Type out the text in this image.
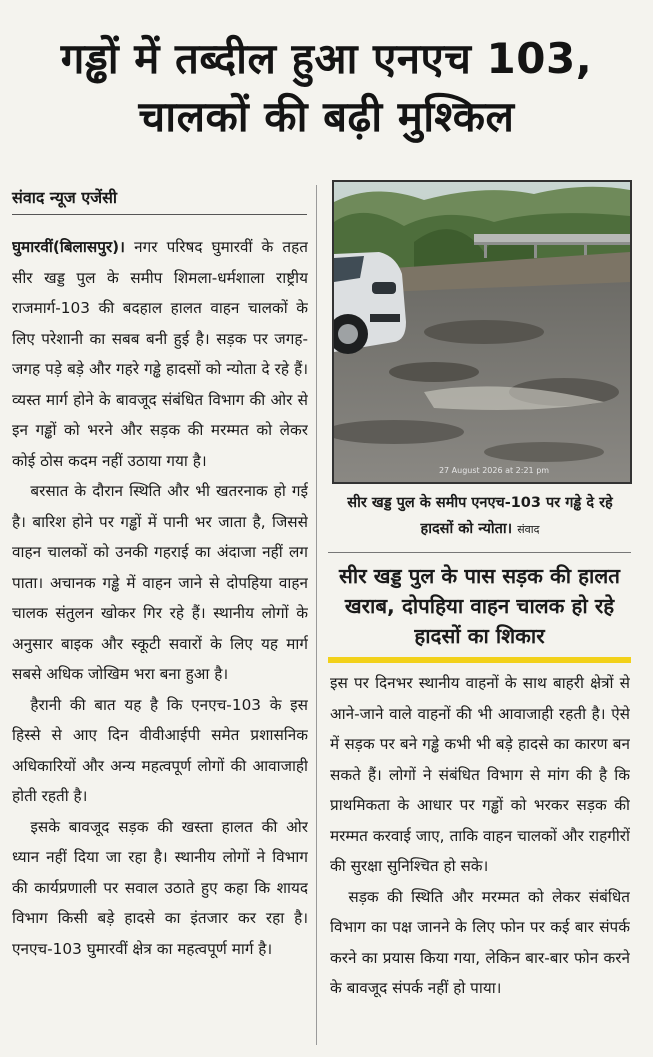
गड्ढों में तब्दील हुआ एनएच 103, चालकों की बढ़ी मुश्किल
संवाद न्यूज एजेंसी

घुमारवीं(बिलासपुर)। नगर परिषद घुमारवीं के तहत सीर खड्ड पुल के समीप शिमला-धर्मशाला राष्ट्रीय राजमार्ग-103 की बदहाल हालत वाहन चालकों के लिए परेशानी का सबब बनी हुई है। सड़क पर जगह-जगह पड़े बड़े और गहरे गड्ढे हादसों को न्योता दे रहे हैं। व्यस्त मार्ग होने के बावजूद संबंधित विभाग की ओर से इन गड्ढों को भरने और सड़क की मरम्मत को लेकर कोई ठोस कदम नहीं उठाया गया है।

बरसात के दौरान स्थिति और भी खतरनाक हो गई है। बारिश होने पर गड्ढों में पानी भर जाता है, जिससे वाहन चालकों को उनकी गहराई का अंदाजा नहीं लग पाता। अचानक गड्ढे में वाहन जाने से दोपहिया वाहन चालक संतुलन खोकर गिर रहे हैं। स्थानीय लोगों के अनुसार बाइक और स्कूटी सवारों के लिए यह मार्ग सबसे अधिक जोखिम भरा बना हुआ है।

हैरानी की बात यह है कि एनएच-103 के इस हिस्से से आए दिन वीवीआईपी समेत प्रशासनिक अधिकारियों और अन्य महत्वपूर्ण लोगों की आवाजाही होती रहती है।

इसके बावजूद सड़क की खस्ता हालत की ओर ध्यान नहीं दिया जा रहा है। स्थानीय लोगों ने विभाग की कार्यप्रणाली पर सवाल उठाते हुए कहा कि शायद विभाग किसी बड़े हादसे का इंतजार कर रहा है। एनएच-103 घुमारवीं क्षेत्र का महत्वपूर्ण मार्ग है।

27 August 2026 at 2:21 pm
सीर खड्ड पुल के समीप एनएच-103 पर गड्ढे दे रहे हादसों को न्योता। संवाद
सीर खड्ड पुल के पास सड़क की हालत खराब, दोपहिया वाहन चालक हो रहे हादसों का शिकार

इस पर दिनभर स्थानीय वाहनों के साथ बाहरी क्षेत्रों से आने-जाने वाले वाहनों की भी आवाजाही रहती है। ऐसे में सड़क पर बने गड्ढे कभी भी बड़े हादसे का कारण बन सकते हैं। लोगों ने संबंधित विभाग से मांग की है कि प्राथमिकता के आधार पर गड्ढों को भरकर सड़क की मरम्मत करवाई जाए, ताकि वाहन चालकों और राहगीरों की सुरक्षा सुनिश्चित हो सके।

सड़क की स्थिति और मरम्मत को लेकर संबंधित विभाग का पक्ष जानने के लिए फोन पर कई बार संपर्क करने का प्रयास किया गया, लेकिन बार-बार फोन करने के बावजूद संपर्क नहीं हो पाया।
